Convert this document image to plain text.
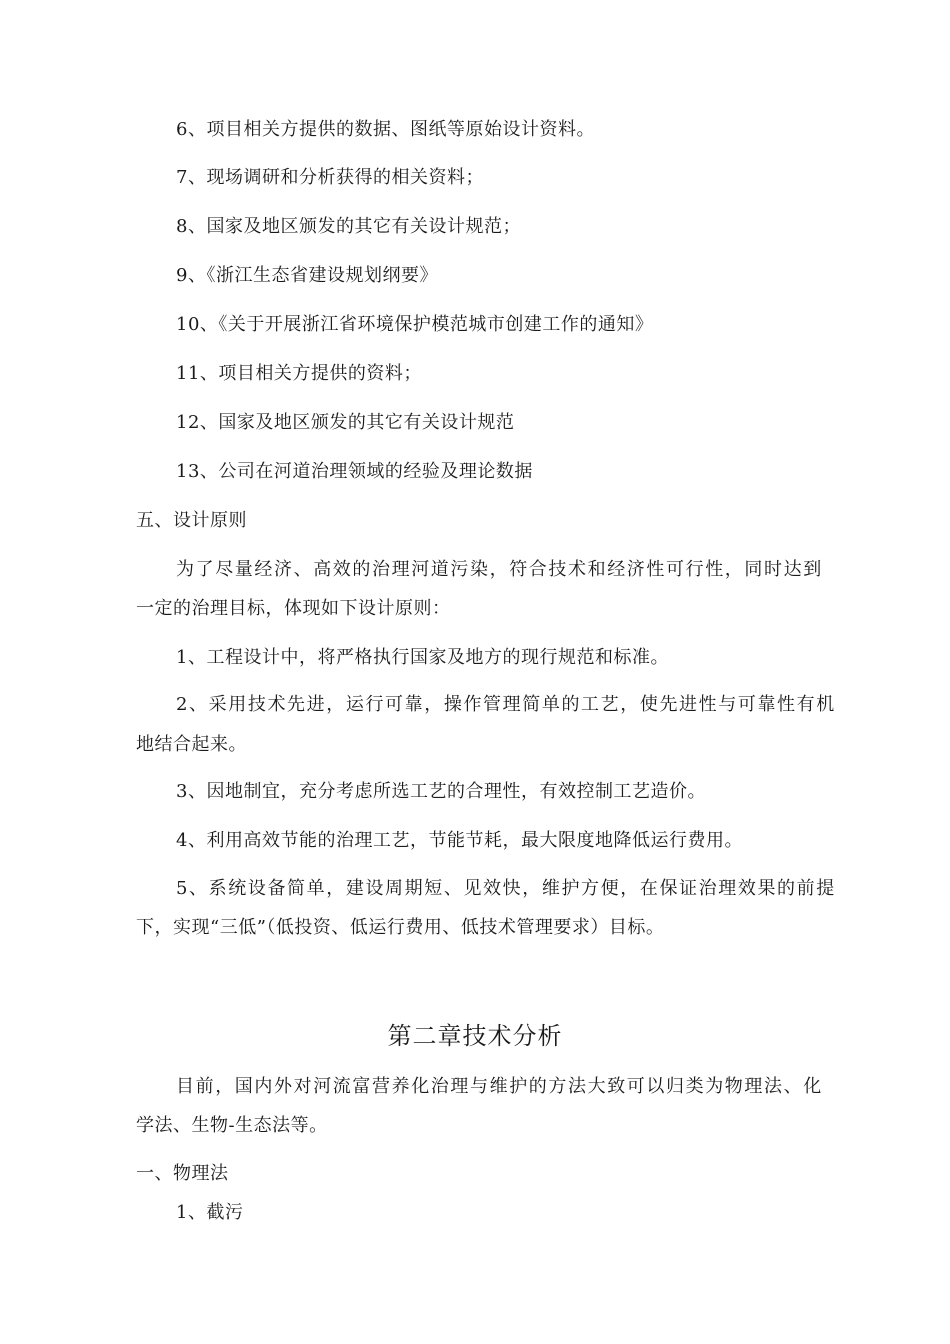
6、项目相关方提供的数据、图纸等原始设计资料。
7、现场调研和分析获得的相关资料；
8、国家及地区颁发的其它有关设计规范；
9、《浙江生态省建设规划纲要》
10、《关于开展浙江省环境保护模范城市创建工作的通知》
11、项目相关方提供的资料；
12、国家及地区颁发的其它有关设计规范
13、公司在河道治理领域的经验及理论数据
五、设计原则
为了尽量经济、高效的治理河道污染，符合技术和经济性可行性，同时达到
一定的治理目标，体现如下设计原则：
1、工程设计中，将严格执行国家及地方的现行规范和标准。
2、采用技术先进，运行可靠，操作管理简单的工艺，使先进性与可靠性有机
地结合起来。
3、因地制宜，充分考虑所选工艺的合理性，有效控制工艺造价。
4、利用高效节能的治理工艺，节能节耗，最大限度地降低运行费用。
5、系统设备简单，建设周期短、见效快，维护方便，在保证治理效果的前提
下，实现“三低”（低投资、低运行费用、低技术管理要求）目标。
第二章技术分析
目前，国内外对河流富营养化治理与维护的方法大致可以归类为物理法、化
学法、生物-生态法等。
一、物理法
1、截污
